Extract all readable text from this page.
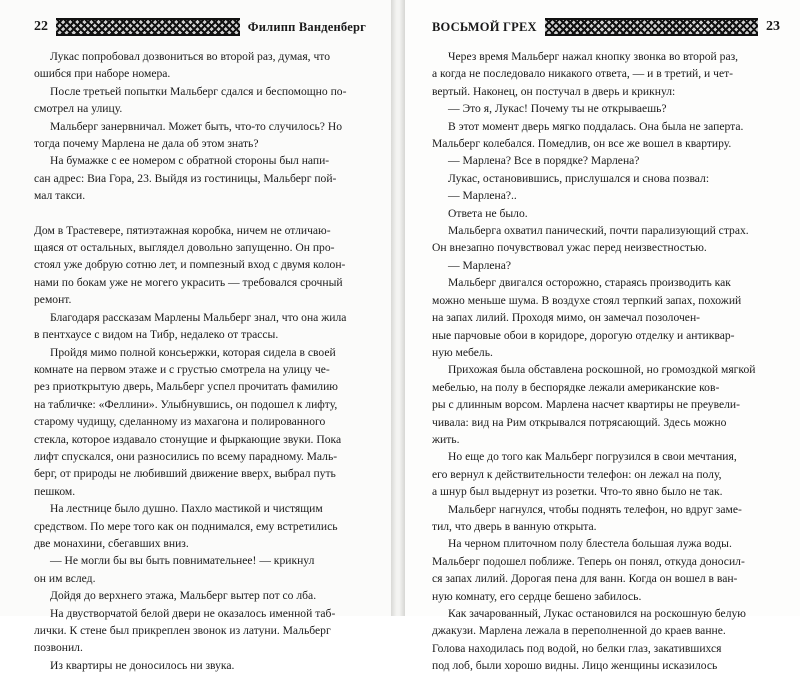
22	Филипп Ванденберг

Лукас попробовал дозвониться во второй раз, думая, что
ошибся при наборе номера.

После третьей попытки Мальберг сдался и беспомощно по-
смотрел на улицу.

Мальберг занервничал. Может быть, что-то случилось? Но
тогда почему Марлена не дала об этом знать?

На бумажке с ее номером с обратной стороны был напи-
сан адрес: Виа Гора, 23. Выйдя из гостиницы, Мальберг пой-
мал такси.

Дом в Трастевере, пятиэтажная коробка, ничем не отличаю-
щаяся от остальных, выглядел довольно запущенно. Он про-
стоял уже добрую сотню лет, и помпезный вход с двумя колон-
нами по бокам уже не могего украсить — требовался срочный
ремонт.

Благодаря рассказам Марлены Мальберг знал, что она жила
в пентхаусе с видом на Тибр, недалеко от трассы.

Пройдя мимо полной консьержки, которая сидела в своей
комнате на первом этаже и с грустью смотрела на улицу че-
рез приоткрытую дверь, Мальберг успел прочитать фамилию
на табличке: «Феллини». Улыбнувшись, он подошел к лифту,
старому чудищу, сделанному из махагона и полированного
стекла, которое издавало стонущие и фыркающие звуки. Пока
лифт спускался, они разносились по всему парадному. Маль-
берг, от природы не любивший движение вверх, выбрал путь
пешком.

На лестнице было душно. Пахло мастикой и чистящим
средством. По мере того как он поднимался, ему встретились
две монахини, сбегавших вниз.

— Не могли бы вы быть повнимательнее! — крикнул
он им вслед.

Дойдя до верхнего этажа, Мальберг вытер пот со лба.

На двустворчатой белой двери не оказалось именной таб-
лички. К стене был прикреплен звонок из латуни. Мальберг
позвонил.

Из квартиры не доносилось ни звука.

ВОСЬМОЙ ГРЕХ	23

Через время Мальберг нажал кнопку звонка во второй раз,
а когда не последовало никакого ответа, — и в третий, и чет-
вертый. Наконец, он постучал в дверь и крикнул:

— Это я, Лукас! Почему ты не открываешь?

В этот момент дверь мягко поддалась. Она была не заперта.
Мальберг колебался. Помедлив, он все же вошел в квартиру.

— Марлена? Все в порядке? Марлена?

Лукас, остановившись, прислушался и снова позвал:

— Марлена?..

Ответа не было.

Мальберга охватил панический, почти парализующий страх.
Он внезапно почувствовал ужас перед неизвестностью.

— Марлена?

Мальберг двигался осторожно, стараясь производить как
можно меньше шума. В воздухе стоял терпкий запах, похожий
на запах лилий. Проходя мимо, он замечал позолочен-
ные парчовые обои в коридоре, дорогую отделку и антиквар-
ную мебель.

Прихожая была обставлена роскошной, но громоздкой мягкой
мебелью, на полу в беспорядке лежали американские ков-
ры с длинным ворсом. Марлена насчет квартиры не преувели-
чивала: вид на Рим открывался потрясающий. Здесь можно
жить.

Но еще до того как Мальберг погрузился в свои мечтания,
его вернул к действительности телефон: он лежал на полу,
а шнур был выдернут из розетки. Что-то явно было не так.

Мальберг нагнулся, чтобы поднять телефон, но вдруг заме-
тил, что дверь в ванную открыта.

На черном плиточном полу блестела большая лужа воды.
Мальберг подошел поближе. Теперь он понял, откуда доносил-
ся запах лилий. Дорогая пена для ванн. Когда он вошел в ван-
ную комнату, его сердце бешено забилось.

Как зачарованный, Лукас остановился на роскошную белую
джакузи. Марлена лежала в переполненной до краев ванне.
Голова находилась под водой, но белки глаз, закатившихся
под лоб, были хорошо видны. Лицо женщины исказилось
